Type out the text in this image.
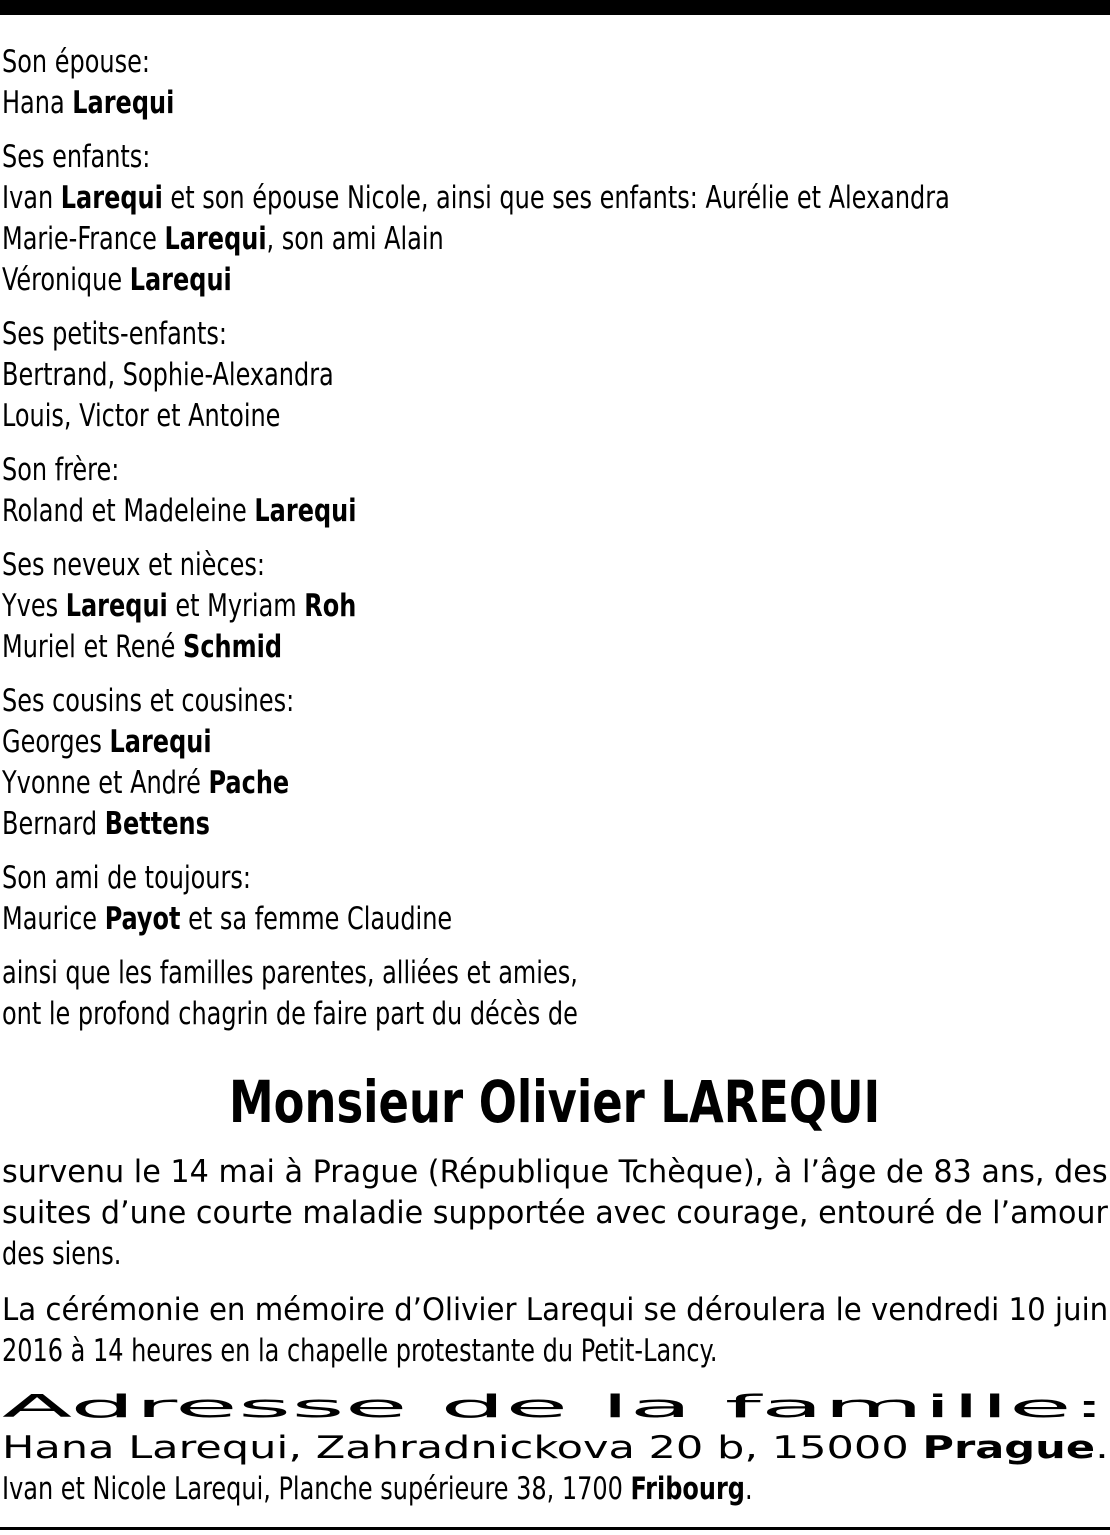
Son épouse:
Hana Larequi
Ses enfants:
Ivan Larequi et son épouse Nicole, ainsi que ses enfants: Aurélie et Alexandra
Marie-France Larequi, son ami Alain
Véronique Larequi
Ses petits-enfants:
Bertrand, Sophie-Alexandra
Louis, Victor et Antoine
Son frère:
Roland et Madeleine Larequi
Ses neveux et nièces:
Yves Larequi et Myriam Roh
Muriel et René Schmid
Ses cousins et cousines:
Georges Larequi
Yvonne et André Pache
Bernard Bettens
Son ami de toujours:
Maurice Payot et sa femme Claudine
ainsi que les familles parentes, alliées et amies,
ont le profond chagrin de faire part du décès de
Monsieur Olivier LAREQUI
survenu le 14 mai à Prague (République Tchèque), à l’âge de 83 ans, des
suites d’une courte maladie supportée avec courage, entouré de l’amour
des siens.
La cérémonie en mémoire d’Olivier Larequi se déroulera le vendredi 10 juin
2016 à 14 heures en la chapelle protestante du Petit-Lancy.
Adresse de la famille:
Hana Larequi, Zahradnickova 20 b, 15000 Prague.
Ivan et Nicole Larequi, Planche supérieure 38, 1700 Fribourg.
